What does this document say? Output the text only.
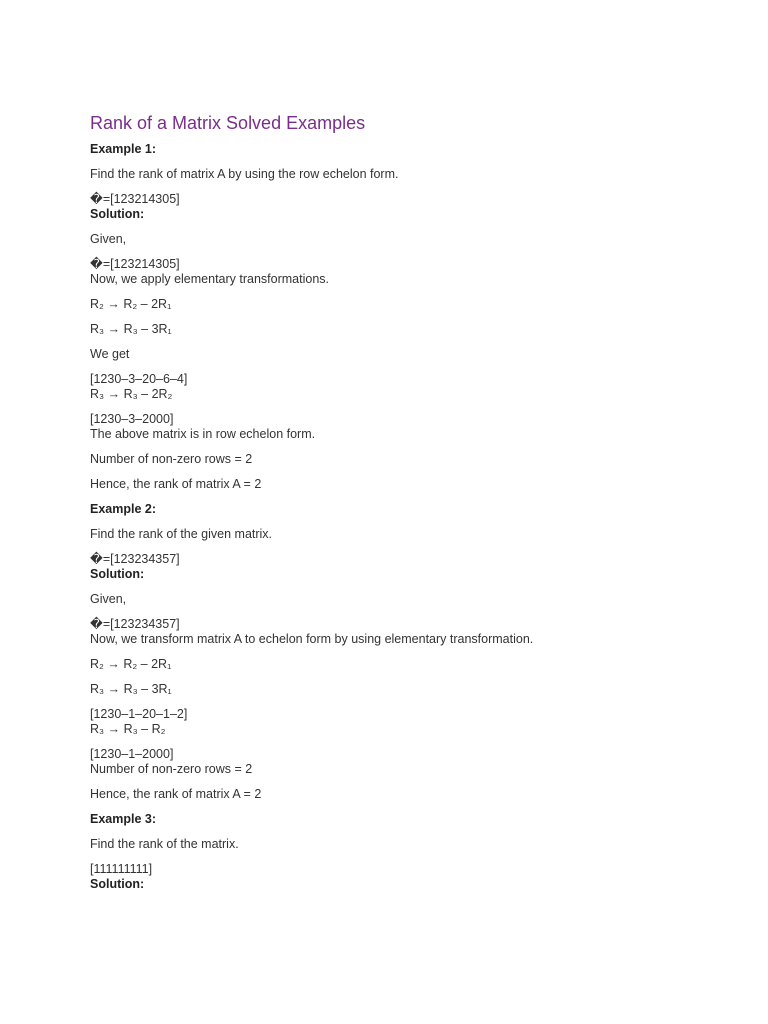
Rank of a Matrix Solved Examples
Example 1:
Find the rank of matrix A by using the row echelon form.
�=[123214305]
Solution:
Given,
�=[123214305]
Now, we apply elementary transformations.
R₂ → R₂ – 2R₁
R₃ → R₃ – 3R₁
We get
[1230–3–20–6–4]
R₃ → R₃ – 2R₂
[1230–3–2000]
The above matrix is in row echelon form.
Number of non-zero rows = 2
Hence, the rank of matrix A = 2
Example 2:
Find the rank of the given matrix.
�=[123234357]
Solution:
Given,
�=[123234357]
Now, we transform matrix A to echelon form by using elementary transformation.
R₂ → R₂ – 2R₁
R₃ → R₃ – 3R₁
[1230–1–20–1–2]
R₃ → R₃ – R₂
[1230–1–2000]
Number of non-zero rows = 2
Hence, the rank of matrix A = 2
Example 3:
Find the rank of the matrix.
[111111111]
Solution:
